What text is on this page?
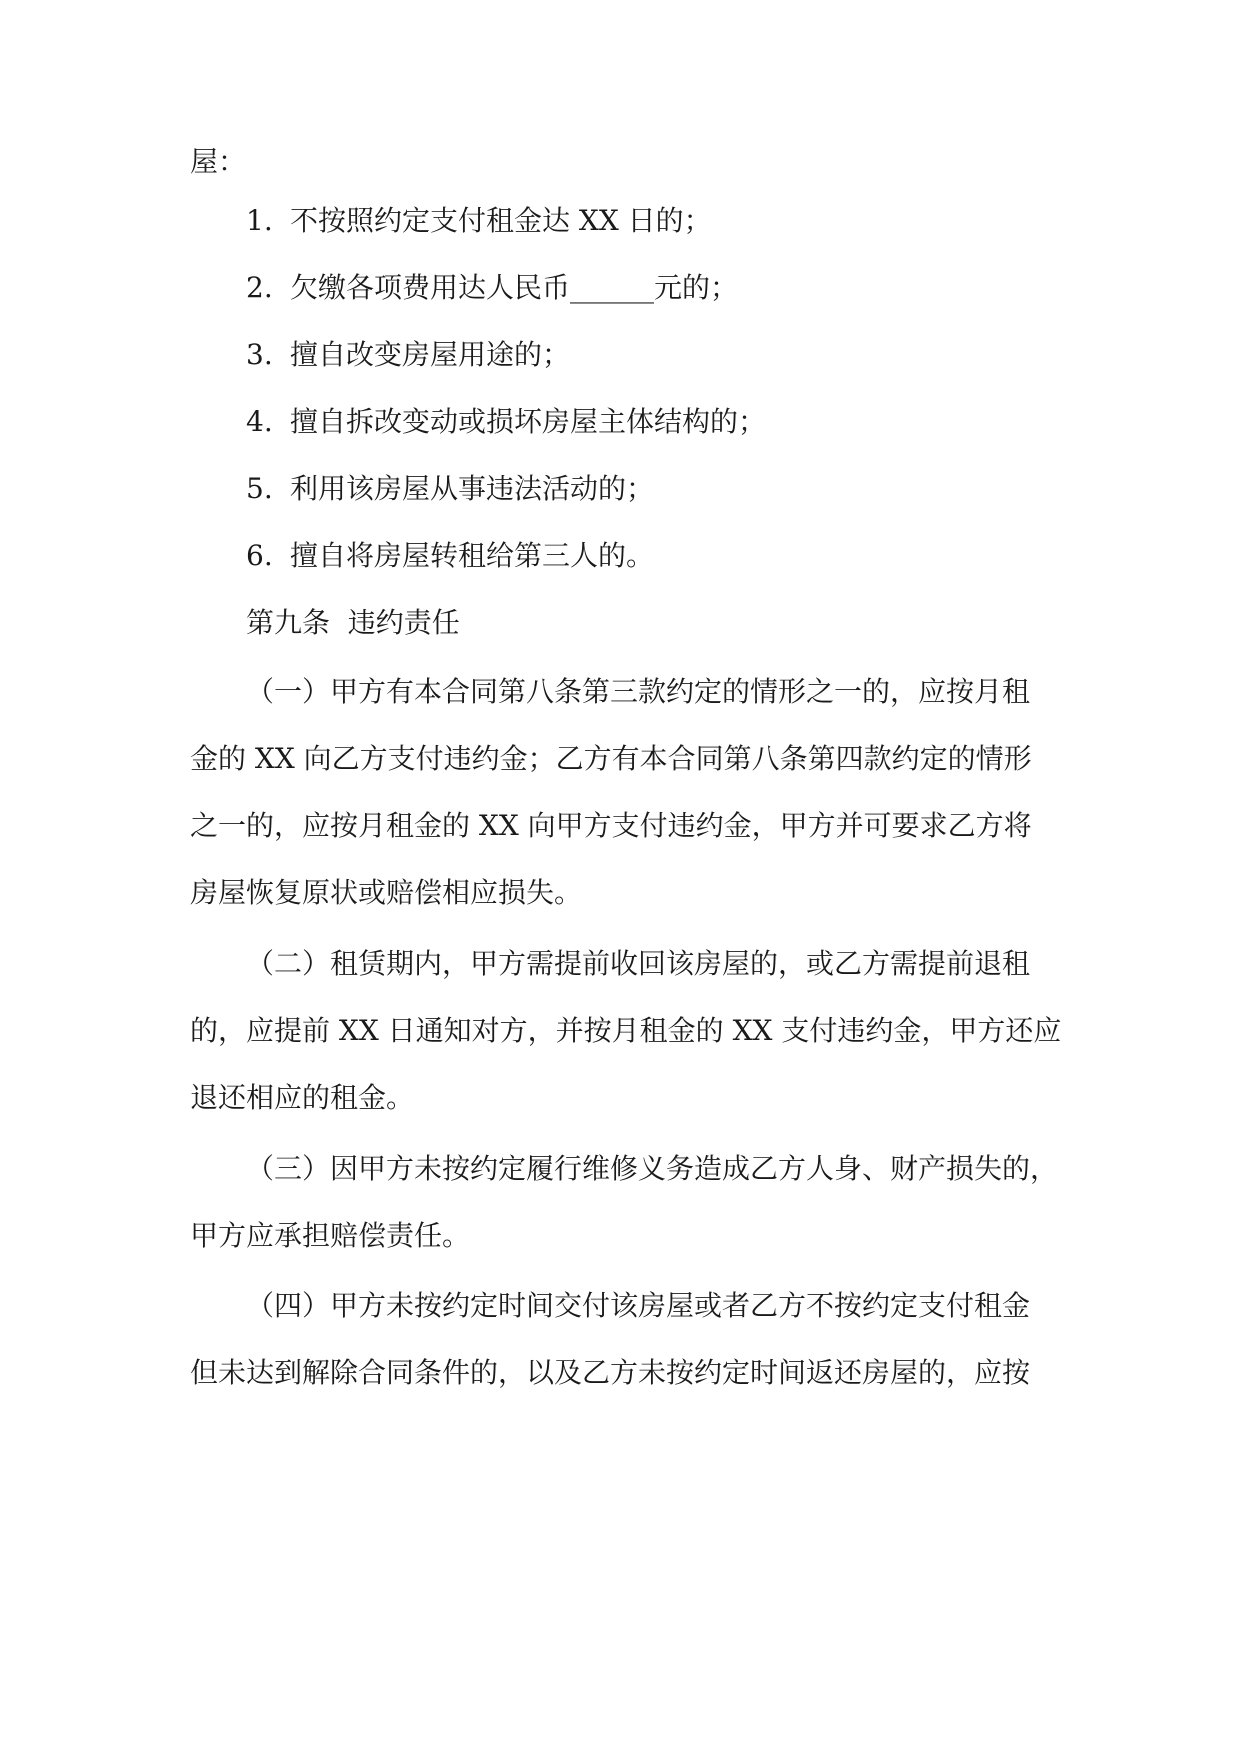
屋：
1. 不按照约定支付租金达 XX 日的；
2. 欠缴各项费用达人民币______元的；
3. 擅自改变房屋用途的；
4. 擅自拆改变动或损坏房屋主体结构的；
5. 利用该房屋从事违法活动的；
6. 擅自将房屋转租给第三人的。
第九条  违约责任
（一）甲方有本合同第八条第三款约定的情形之一的，应按月租
金的 XX 向乙方支付违约金；乙方有本合同第八条第四款约定的情形
之一的，应按月租金的 XX 向甲方支付违约金，甲方并可要求乙方将
房屋恢复原状或赔偿相应损失。
（二）租赁期内，甲方需提前收回该房屋的，或乙方需提前退租
的，应提前 XX 日通知对方，并按月租金的 XX 支付违约金，甲方还应
退还相应的租金。
（三）因甲方未按约定履行维修义务造成乙方人身、财产损失的，
甲方应承担赔偿责任。
（四）甲方未按约定时间交付该房屋或者乙方不按约定支付租金
但未达到解除合同条件的，以及乙方未按约定时间返还房屋的，应按
